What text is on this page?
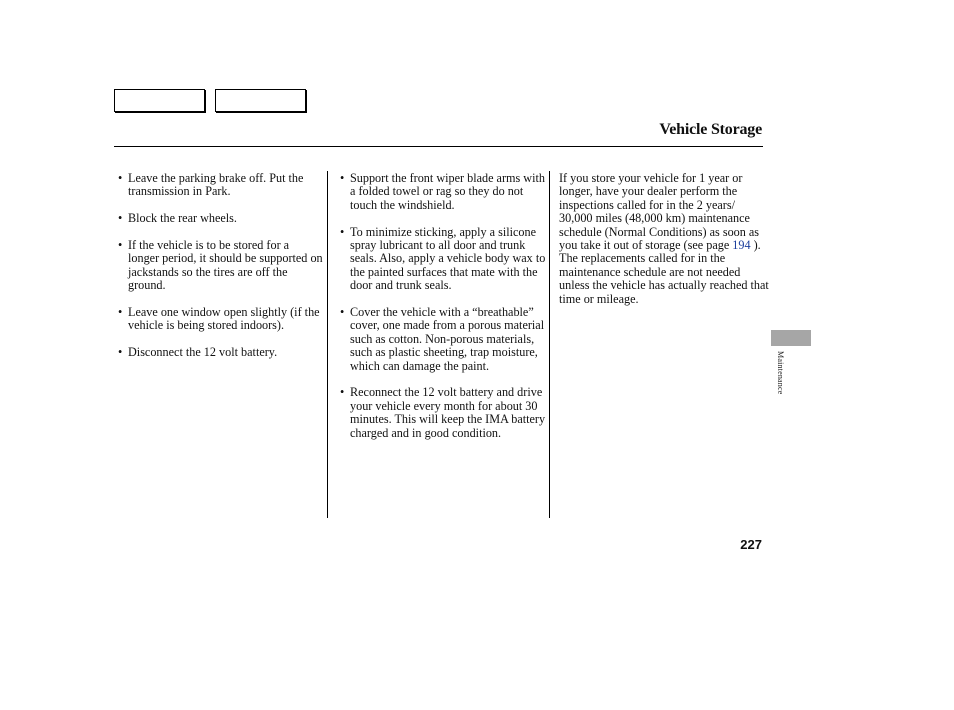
Vehicle Storage

• Leave the parking brake off. Put the transmission in Park.

• Block the rear wheels.

• If the vehicle is to be stored for a longer period, it should be supported on jackstands so the tires are off the ground.

• Leave one window open slightly (if the vehicle is being stored indoors).

• Disconnect the 12 volt battery.

• Support the front wiper blade arms with a folded towel or rag so they do not touch the windshield.

• To minimize sticking, apply a silicone spray lubricant to all door and trunk seals. Also, apply a vehicle body wax to the painted surfaces that mate with the door and trunk seals.

• Cover the vehicle with a “breathable” cover, one made from a porous material such as cotton. Non-porous materials, such as plastic sheeting, trap moisture, which can damage the paint.

• Reconnect the 12 volt battery and drive your vehicle every month for about 30 minutes. This will keep the IMA battery charged and in good condition.

If you store your vehicle for 1 year or longer, have your dealer perform the inspections called for in the 2 years/ 30,000 miles (48,000 km) maintenance schedule (Normal Conditions) as soon as you take it out of storage (see page 194 ). The replacements called for in the maintenance schedule are not needed unless the vehicle has actually reached that time or mileage.

Maintenance
227
